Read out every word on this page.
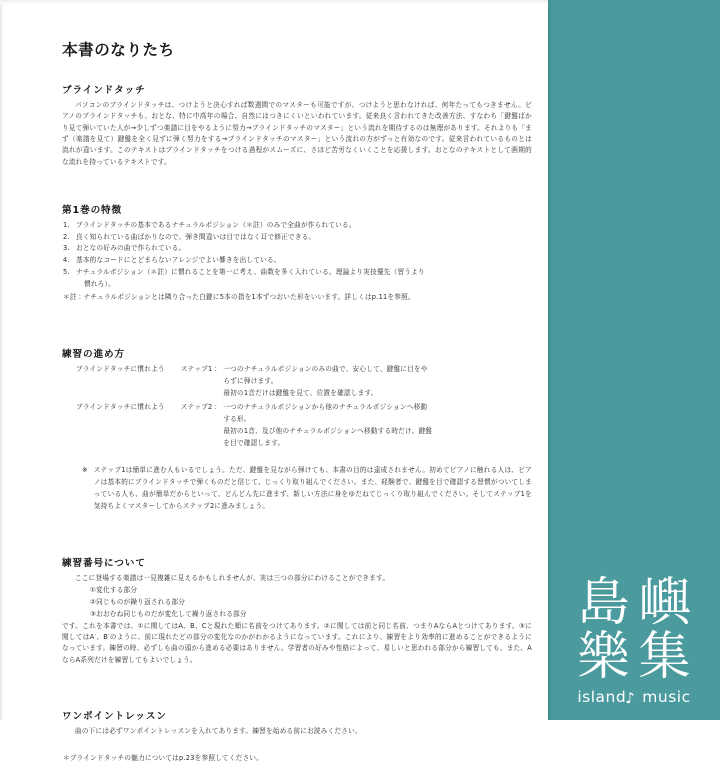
本書のなりたち
ブラインドタッチ

パソコンのブラインドタッチは、つけようと決心すれば数週間でのマスターも可能ですが、つけようと思わなければ、何年たってもつきません。ピアノのブラインドタッチも、おとな、特に中高年の場合、自然にはつきにくいといわれています。従来良く言われてきた改善方法、すなわち「鍵盤ばかり見て弾いていた人が→少しずつ楽譜に目をやるように努力→ブラインドタッチのマスター」という流れを期待するのは無理があります。それよりも「まず（楽譜を見て）鍵盤を全く見ずに弾く努力をする→ブラインドタッチのマスター」という流れの方がずっと有効なのです。従来言われているものとは流れが違います。このテキストはブラインドタッチをつける過程がスムーズに、さほど苦労なくいくことを応援します。おとなのテキストとして画期的な流れを持っているテキストです。

第1巻の特徴
1. ブラインドタッチの基本であるナチュラルポジション（＊註）のみで全曲が作られている。
2. 良く知られている曲ばかりなので、弾き間違いは目ではなく耳で修正できる。
3. おとなの好みの曲で作られている。
4. 基本的なコードにとどまらないアレンジでよい響きを出している。
5. ナチュラルポジション（＊註）に慣れることを第一に考え、曲数を多く入れている。理論より実技優先（習うより
慣れろ）。
＊註：ナチュラルポジションとは隣り合った白鍵に5本の指を1本ずつおいた形をいいます。詳しくはp.11を参照。
練習の進め方
ブラインドタッチに慣れよう ステップ1： 一つのナチュラルポジションのみの曲で、安心して、鍵盤に目をや
らずに弾けます。
最初の1音だけは鍵盤を見て、位置を確認します。
ブラインドタッチに慣れよう ステップ2： 一つのナチュラルポジションから他のナチュラルポジションへ移動
する形。
最初の1音、及び他のナチュラルポジションへ移動する時だけ、鍵盤
を目で確認します。
※ ステップ1は簡単に進む人もいるでしょう。ただ、鍵盤を見ながら弾けても、本書の目的は達成されません。初めてピアノに触れる人は、ピアノは基本的にブラインドタッチで弾くものだと信じて、じっくり取り組んでください。また、経験者で、鍵盤を目で確認する習慣がついてしまっている人も、曲が簡単だからといって、どんどん先に進まず、新しい方法に身をゆだねてじっくり取り組んでください。そしてステップ1を気持ちよくマスターしてからステップ2に進みましょう。
練習番号について

ここに登場する楽譜は一見複雑に見えるかもしれませんが、実は三つの部分にわけることができます。

①変化する部分
②同じものが繰り返される部分
③おおむね同じものだが変化して繰り返される部分

です。これを本書では、①に関してはA、B、Cと現れた順に名前をつけてあります。②に関しては前と同じ名前、つまりAならAとつけてあります。③に関してはA′、B′のように、前に現れたどの部分の変化なのかがわかるようになっています。これにより、練習をより効率的に進めることができるようになっています。練習の時、必ずしも曲の頭から進める必要はありません。学習者の好みや性格によって、易しいと思われる部分から練習しても、また、AならA系列だけを練習してもよいでしょう。

ワンポイントレッスン

曲の下には必ずワンポイントレッスンを入れてあります。練習を始める前にお読みください。

＊ブラインドタッチの魅力についてはp.23を参照してください。
島 嶼
樂 集
island ♪ music
